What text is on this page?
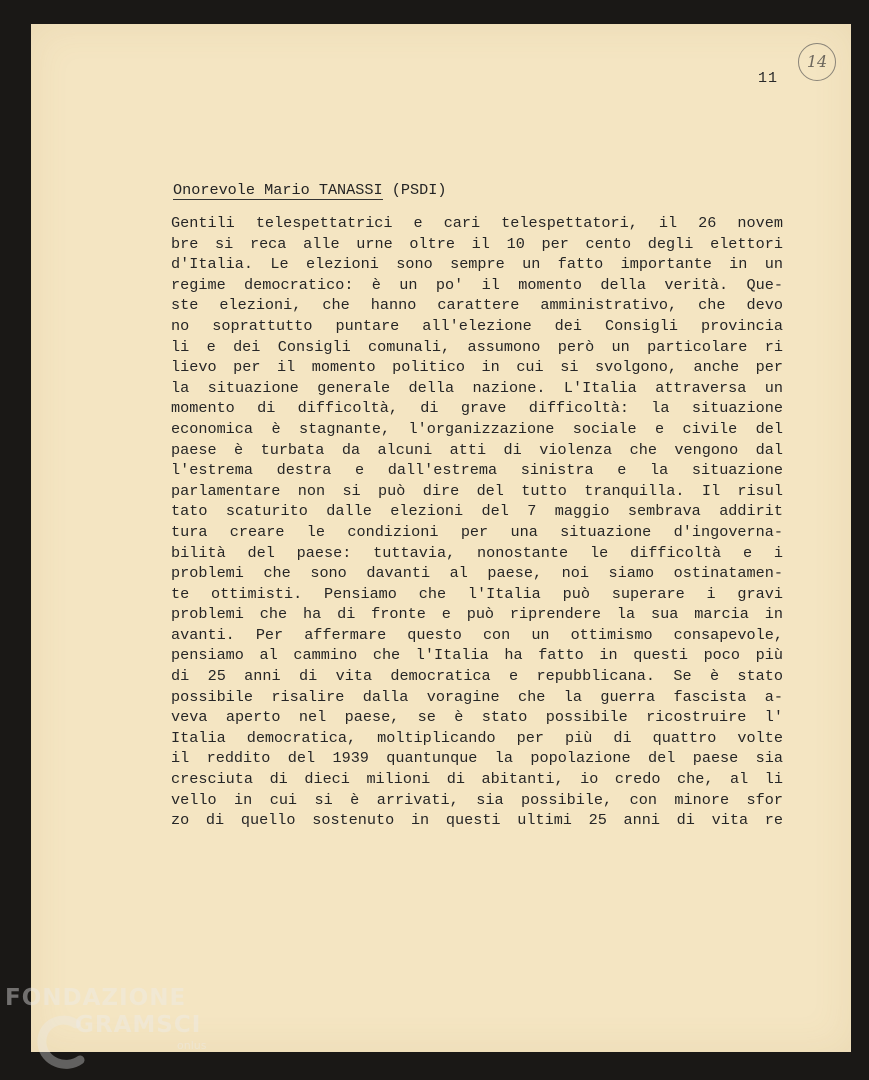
11
14
Onorevole Mario TANASSI (PSDI)
Gentili telespettatrici e cari telespettatori, il 26 novem
bre si reca alle urne oltre il 10 per cento degli elettori
d'Italia. Le elezioni sono sempre un fatto importante in un
regime democratico: è un po' il momento della verità. Que-
ste elezioni, che hanno carattere amministrativo, che devo
no soprattutto puntare all'elezione dei Consigli provincia
li e dei Consigli comunali, assumono però un particolare ri
lievo per il momento politico in cui si svolgono, anche per
la situazione generale della nazione. L'Italia attraversa un
momento di difficoltà, di grave difficoltà: la situazione
economica è stagnante, l'organizzazione sociale e civile del
paese è turbata da alcuni atti di violenza che vengono dal
l'estrema destra e dall'estrema sinistra e la situazione
parlamentare non si può dire del tutto tranquilla. Il risul
tato scaturito dalle elezioni del 7 maggio sembrava addirit
tura creare le condizioni per una situazione d'ingoverna-
bilità del paese: tuttavia, nonostante le difficoltà e i
problemi che sono davanti al paese, noi siamo ostinatamen-
te ottimisti. Pensiamo che l'Italia può superare i gravi
problemi che ha di fronte e può riprendere la sua marcia in
avanti. Per affermare questo con un ottimismo consapevole,
pensiamo al cammino che l'Italia ha fatto in questi poco più
di 25 anni di vita democratica e repubblicana. Se è stato
possibile risalire dalla voragine che la guerra fascista a-
veva aperto nel paese, se è stato possibile ricostruire l'
Italia democratica, moltiplicando per più di quattro volte
il reddito del 1939 quantunque la popolazione del paese sia
cresciuta di dieci milioni di abitanti, io credo che, al li
vello in cui si è arrivati, sia possibile, con minore sfor
zo di quello sostenuto in questi ultimi 25 anni di vita re
FONDAZIONE
GRAMSCI
onlus
